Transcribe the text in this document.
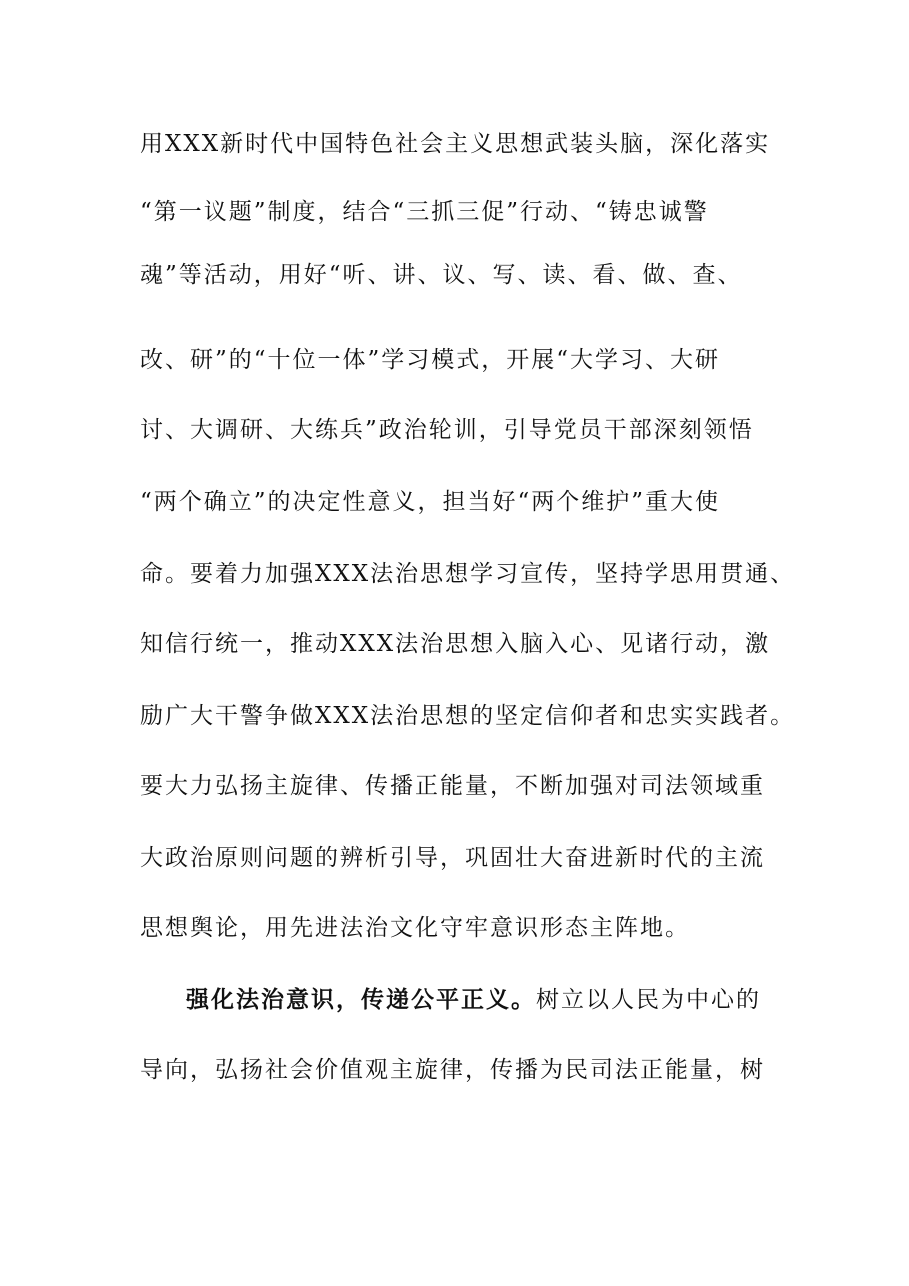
用XXX新时代中国特色社会主义思想武装头脑，深化落实
“第一议题”制度，结合“三抓三促”行动、“铸忠诚警
魂”等活动，用好“听、讲、议、写、读、看、做、查、
改、研”的“十位一体”学习模式，开展“大学习、大研
讨、大调研、大练兵”政治轮训，引导党员干部深刻领悟
“两个确立”的决定性意义，担当好“两个维护”重大使
命。要着力加强XXX法治思想学习宣传，坚持学思用贯通、
知信行统一，推动XXX法治思想入脑入心、见诸行动，激
励广大干警争做XXX法治思想的坚定信仰者和忠实实践者。
要大力弘扬主旋律、传播正能量，不断加强对司法领域重
大政治原则问题的辨析引导，巩固壮大奋进新时代的主流
思想舆论，用先进法治文化守牢意识形态主阵地。
强化法治意识，传递公平正义。树立以人民为中心的
导向，弘扬社会价值观主旋律，传播为民司法正能量，树
